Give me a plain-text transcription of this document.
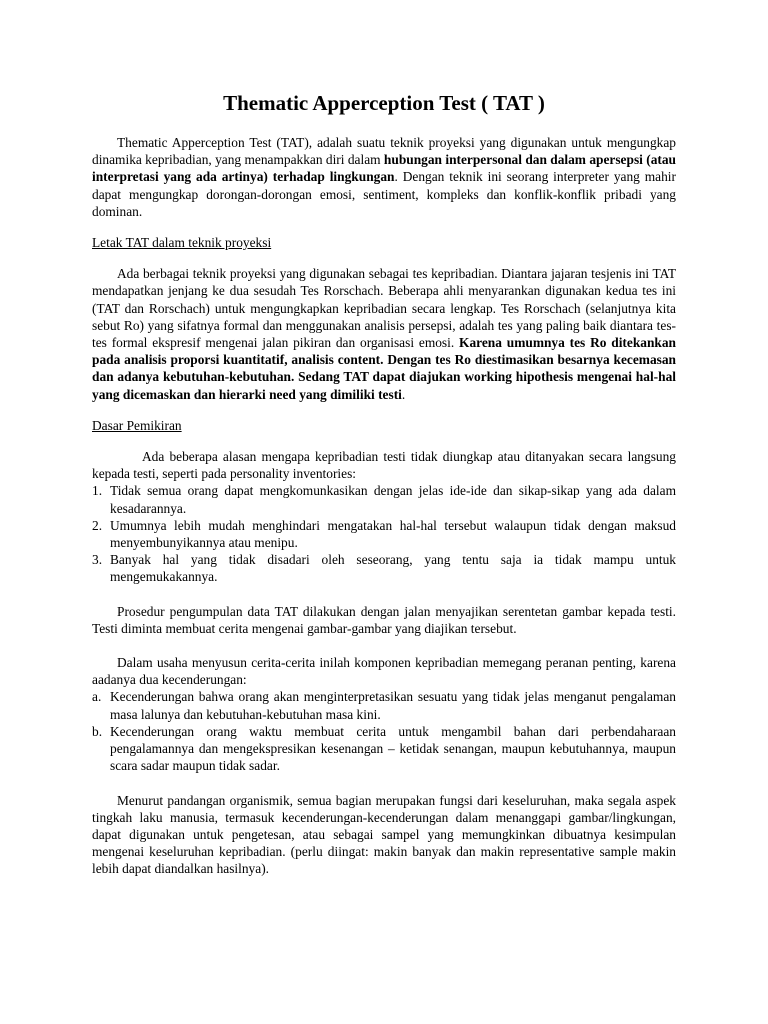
Thematic Apperception Test ( TAT )

Thematic Apperception Test (TAT), adalah suatu teknik proyeksi yang digunakan untuk mengungkap dinamika kepribadian, yang menampakkan diri dalam hubungan interpersonal dan dalam apersepsi (atau interpretasi yang ada artinya) terhadap lingkungan. Dengan teknik ini seorang interpreter yang mahir dapat mengungkap dorongan-dorongan emosi, sentiment, kompleks dan konflik-konflik pribadi yang dominan.

Letak TAT dalam teknik proyeksi

Ada berbagai teknik proyeksi yang digunakan sebagai tes kepribadian. Diantara jajaran tesjenis ini TAT mendapatkan jenjang ke dua sesudah Tes Rorschach. Beberapa ahli menyarankan digunakan kedua tes ini (TAT dan Rorschach) untuk mengungkapkan kepribadian secara lengkap. Tes Rorschach (selanjutnya kita sebut Ro) yang sifatnya formal dan menggunakan analisis persepsi, adalah tes yang paling baik diantara tes-tes formal ekspresif mengenai jalan pikiran dan organisasi emosi. Karena umumnya tes Ro ditekankan pada analisis proporsi kuantitatif, analisis content. Dengan tes Ro diestimasikan besarnya kecemasan dan adanya kebutuhan-kebutuhan. Sedang TAT dapat diajukan working hipothesis mengenai hal-hal yang dicemaskan dan hierarki need yang dimiliki testi.

Dasar Pemikiran

Ada beberapa alasan mengapa kepribadian testi tidak diungkap atau ditanyakan secara langsung kepada testi, seperti pada personality inventories:

1. Tidak semua orang dapat mengkomunkasikan dengan jelas ide-ide dan sikap-sikap yang ada dalam kesadarannya.
2. Umumnya lebih mudah menghindari mengatakan hal-hal tersebut walaupun tidak dengan maksud menyembunyikannya atau menipu.
3. Banyak hal yang tidak disadari oleh seseorang, yang tentu saja ia tidak mampu untuk mengemukakannya.

Prosedur pengumpulan data TAT dilakukan dengan jalan menyajikan serentetan gambar kepada testi. Testi diminta membuat cerita mengenai gambar-gambar yang diajikan tersebut.

Dalam usaha menyusun cerita-cerita inilah komponen kepribadian memegang peranan penting, karena aadanya dua kecenderungan:

a. Kecenderungan bahwa orang akan menginterpretasikan sesuatu yang tidak jelas menganut pengalaman masa lalunya dan kebutuhan-kebutuhan masa kini.
b. Kecenderungan orang waktu membuat cerita untuk mengambil bahan dari perbendaharaan pengalamannya dan mengekspresikan kesenangan – ketidak senangan, maupun kebutuhannya, maupun scara sadar maupun tidak sadar.

Menurut pandangan organismik, semua bagian merupakan fungsi dari keseluruhan, maka segala aspek tingkah laku manusia, termasuk kecenderungan-kecenderungan dalam menanggapi gambar/lingkungan, dapat digunakan untuk pengetesan, atau sebagai sampel yang memungkinkan dibuatnya kesimpulan mengenai keseluruhan kepribadian. (perlu diingat: makin banyak dan makin representative sample makin lebih dapat diandalkan hasilnya).
